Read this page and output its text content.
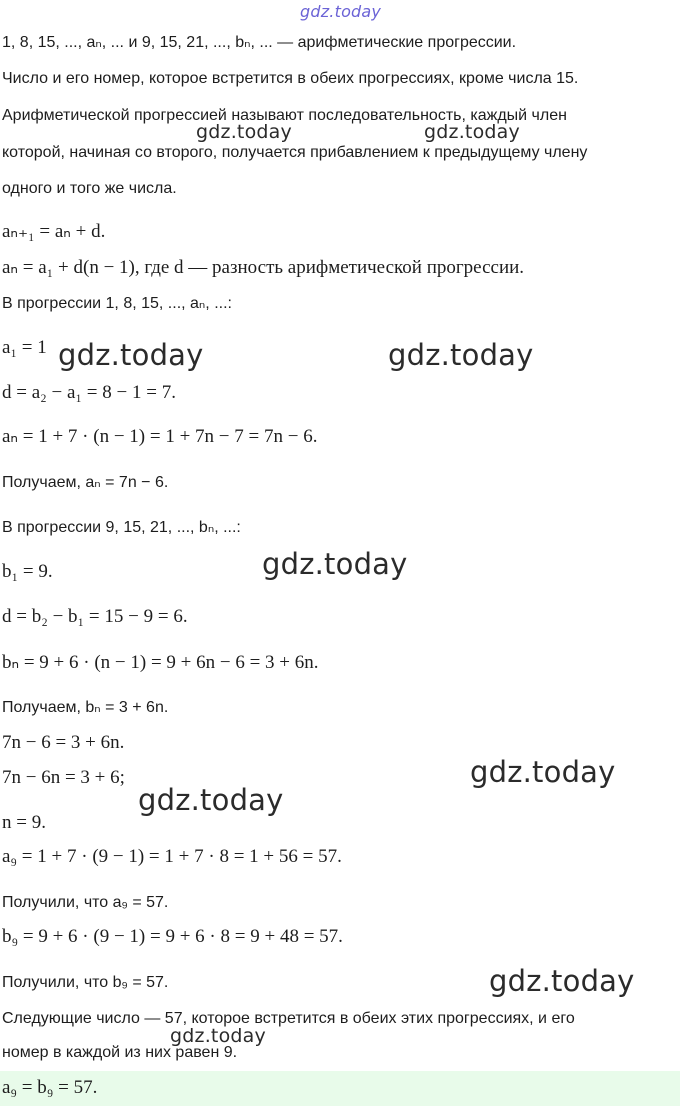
gdz.today
gdz.today	gdz.today
gdz.today	gdz.today
gdz.today
gdz.today
gdz.today
gdz.today
gdz.today
1, 8, 15, ..., aₙ, ... и 9, 15, 21, ..., bₙ, ... — арифметические прогрессии.
Число и его номер, которое встретится в обеих прогрессиях, кроме числа 15.
Арифметической прогрессией называют последовательность, каждый член
которой, начиная со второго, получается прибавлением к предыдущему члену
одного и того же числа.
aₙ₊₁ = aₙ + d.
aₙ = a₁ + d(n − 1), где d — разность арифметической прогрессии.
В прогрессии 1, 8, 15, ..., aₙ, ...:
a₁ = 1
d = a₂ − a₁ = 8 − 1 = 7.
aₙ = 1 + 7 · (n − 1) = 1 + 7n − 7 = 7n − 6.
Получаем, aₙ = 7n − 6.
В прогрессии 9, 15, 21, ..., bₙ, ...:
b₁ = 9.
d = b₂ − b₁ = 15 − 9 = 6.
bₙ = 9 + 6 · (n − 1) = 9 + 6n − 6 = 3 + 6n.
Получаем, bₙ = 3 + 6n.
7n − 6 = 3 + 6n.
7n − 6n = 3 + 6;
n = 9.
a₉ = 1 + 7 · (9 − 1) = 1 + 7 · 8 = 1 + 56 = 57.
Получили, что a₉ = 57.
b₉ = 9 + 6 · (9 − 1) = 9 + 6 · 8 = 9 + 48 = 57.
Получили, что b₉ = 57.
Следующие число — 57, которое встретится в обеих этих прогрессиях, и его
номер в каждой из них равен 9.
a₉ = b₉ = 57.
